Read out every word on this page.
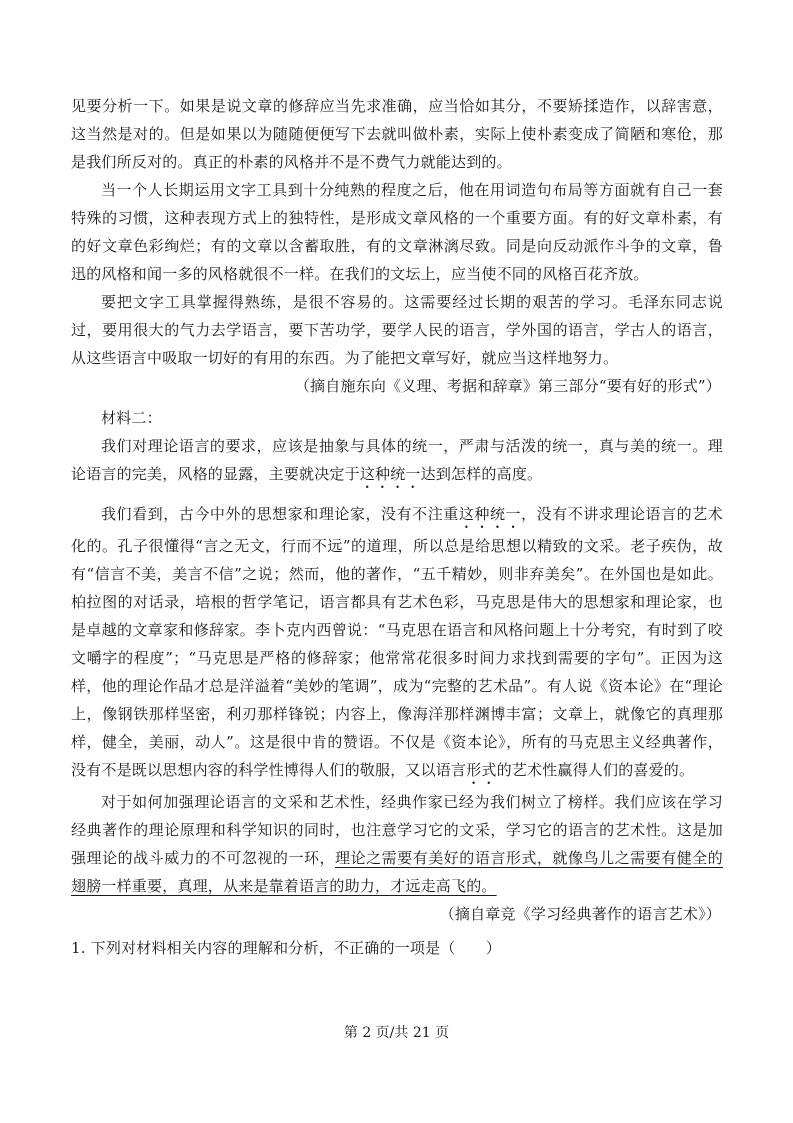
见要分析一下。如果是说文章的修辞应当先求准确，应当恰如其分，不要矫揉造作，以辞害意，这当然是对的。但是如果以为随随便便写下去就叫做朴素，实际上使朴素变成了简陋和寒伧，那是我们所反对的。真正的朴素的风格并不是不费气力就能达到的。

当一个人长期运用文字工具到十分纯熟的程度之后，他在用词造句布局等方面就有自己一套特殊的习惯，这种表现方式上的独特性，是形成文章风格的一个重要方面。有的好文章朴素，有的好文章色彩绚烂；有的文章以含蓄取胜，有的文章淋漓尽致。同是向反动派作斗争的文章，鲁迅的风格和闻一多的风格就很不一样。在我们的文坛上，应当使不同的风格百花齐放。

要把文字工具掌握得熟练，是很不容易的。这需要经过长期的艰苦的学习。毛泽东同志说过，要用很大的气力去学语言，要下苦功学，要学人民的语言，学外国的语言，学古人的语言，从这些语言中吸取一切好的有用的东西。为了能把文章写好，就应当这样地努力。

（摘自施东向《义理、考据和辞章》第三部分“要有好的形式”）

材料二：

我们对理论语言的要求，应该是抽象与具体的统一，严肃与活泼的统一，真与美的统一。理论语言的完美，风格的显露，主要就决定于这种统一达到怎样的高度。

我们看到，古今中外的思想家和理论家，没有不注重这种统一，没有不讲求理论语言的艺术化的。孔子很懂得“言之无文，行而不远”的道理，所以总是给思想以精致的文采。老子疾伪，故有“信言不美，美言不信”之说；然而，他的著作，“五千精妙，则非弃美矣”。在外国也是如此。柏拉图的对话录，培根的哲学笔记，语言都具有艺术色彩，马克思是伟大的思想家和理论家，也是卓越的文章家和修辞家。李卜克内西曾说：“马克思在语言和风格问题上十分考究，有时到了咬文嚼字的程度”；“马克思是严格的修辞家；他常常花很多时间力求找到需要的字句”。正因为这样，他的理论作品才总是洋溢着“美妙的笔调”，成为“完整的艺术品”。有人说《资本论》在“理论上，像钢铁那样坚密，利刃那样锋锐；内容上，像海洋那样渊博丰富；文章上，就像它的真理那样，健全，美丽，动人”。这是很中肯的赞语。不仅是《资本论》，所有的马克思主义经典著作，没有不是既以思想内容的科学性博得人们的敬服，又以语言形式的艺术性赢得人们的喜爱的。

对于如何加强理论语言的文采和艺术性，经典作家已经为我们树立了榜样。我们应该在学习经典著作的理论原理和科学知识的同时，也注意学习它的文采，学习它的语言的艺术性。这是加强理论的战斗威力的不可忽视的一环，理论之需要有美好的语言形式，就像鸟儿之需要有健全的翅膀一样重要，真理，从来是靠着语言的助力，才远走高飞的。

（摘自章竞《学习经典著作的语言艺术》）

1. 下列对材料相关内容的理解和分析，不正确的一项是（　　）

第 2 页/共 21 页
